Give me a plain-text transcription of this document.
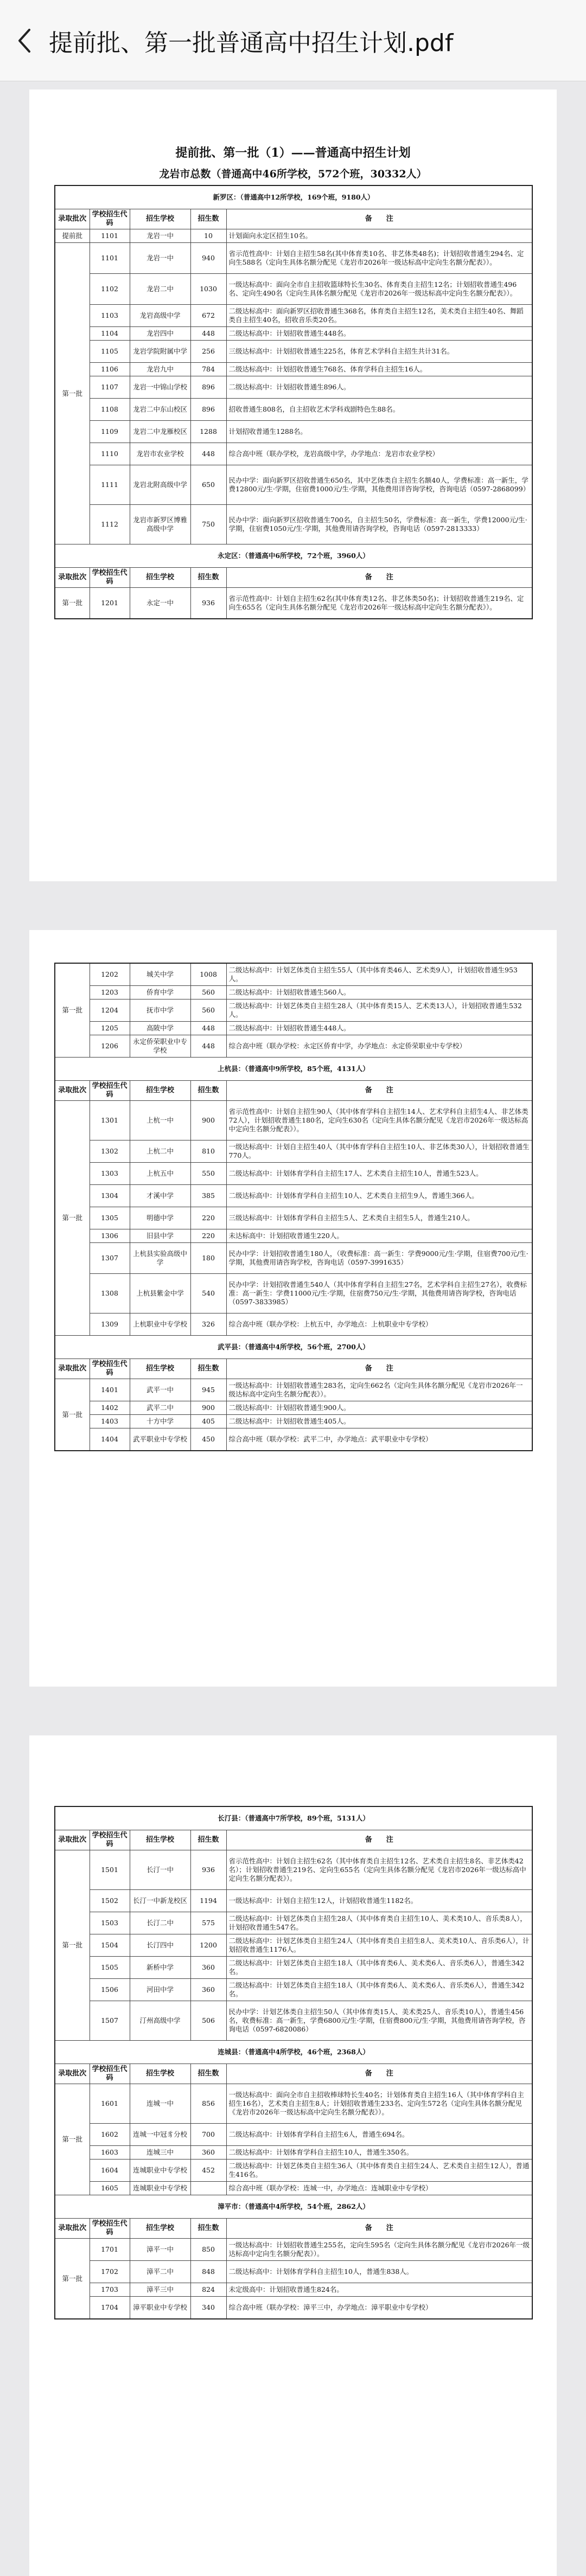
提前批、第一批普通高中招生计划.pdf
提前批、第一批（1）——普通高中招生计划
龙岩市总数（普通高中46所学校，572个班，30332人）
新罗区：（普通高中12所学校，169个班，9180人）				
录取批次	学校招生代码	招生学校	招生数	备　　注
提前批	1101	龙岩一中	10	计划面向永定区招生10名。
第一批	1101	龙岩一中	940	省示范性高中：计划自主招生58名(其中体育类10名、非艺体类48名)；计划招收普通生294名、定向生588名（定向生具体名额分配见《龙岩市2026年一级达标高中定向生名额分配表》）。
	1102	龙岩二中	1030	一级达标高中：面向全市自主招收篮球特长生30名、体育类自主招生12名；计划招收普通生496名、定向生490名（定向生具体名额分配见《龙岩市2026年一级达标高中定向生名额分配表》）。
	1103	龙岩高级中学	672	二级达标高中：面向新罗区招收普通生368名，体育类自主招生12名，美术类自主招生40名、舞蹈类自主招生40名，招收音乐类20名。
	1104	龙岩四中	448	二级达标高中：计划招收普通生448名。
	1105	龙岩学院附属中学	256	三级达标高中：计划招收普通生225名，体育艺术学科自主招生共计31名。
	1106	龙岩九中	784	二级达标高中：计划招收普通生768名、体育学科自主招生16人。
	1107	龙岩一中锦山学校	896	二级达标高中：计划招收普通生896人。
	1108	龙岩二中东山校区	896	招收普通生808名，自主招收艺术学科戏剧特色生88名。
	1109	龙岩二中龙雁校区	1288	计划招收普通生1288名。
	1110	龙岩市农业学校	448	综合高中班（联办学校，龙岩高级中学，办学地点：龙岩市农业学校）
	1111	龙岩北附高级中学	650	民办中学：面向新罗区招收普通生650名，其中艺体类自主招生名额40人，学费标准：高一新生，学费12800元/生·学期，住宿费1000元/生·学期，其他费用详咨询学校，咨询电话（0597-2868099）
	1112	龙岩市新罗区博雅高级中学	750	民办中学：面向新罗区招收普通生700名，自主招生50名，学费标准：高一新生，学费12000元/生·学期，住宿费1050元/生·学期，其他费用请咨询学校，咨询电话（0597-2813333）
永定区：（普通高中6所学校，72个班，3960人）				
录取批次	学校招生代码	招生学校	招生数	备　　注
第一批	1201	永定一中	936	省示范性高中：计划自主招生62名(其中体育类12名、非艺体类50名)；计划招收普通生219名、定向生655名（定向生具体名额分配见《龙岩市2026年一级达标高中定向生名额分配表》）。
第一批	1202	城关中学	1008	二级达标高中：计划艺体类自主招生55人（其中体育类46人、艺术类9人），计划招收普通生953人。
	1203	侨育中学	560	二级达标高中：计划招收普通生560人。
	1204	抚市中学	560	二级达标高中：计划艺体类自主招生28人（其中体育类15人、艺术类13人），计划招收普通生532人。
	1205	高陂中学	448	二级达标高中：计划招收普通生448人。
	1206	永定侨荣职业中专学校	448	综合高中班（联办学校：永定区侨育中学，办学地点：永定侨荣职业中专学校）
上杭县：（普通高中9所学校，85个班，4131人）				
录取批次	学校招生代码	招生学校	招生数	备　　注
第一批	1301	上杭一中	900	省示范性高中：计划自主招生90人（其中体育学科自主招生14人、艺术学科自主招生4人、非艺体类72人），计划招收普通生180名，定向生630名（定向生具体名额分配见《龙岩市2026年一级达标高中定向生名额分配表》）。
	1302	上杭二中	810	一级达标高中：计划自主招生40人（其中体育学科自主招生10人、非艺体类30人），计划招收普通生770人。
	1303	上杭五中	550	二级达标高中：计划体育学科自主招生17人、艺术类自主招生10人，普通生523人。
	1304	才溪中学	385	二级达标高中：计划体育学科自主招生10人、艺术类自主招生9人，普通生366人。
	1305	明德中学	220	三级达标高中：计划体育学科自主招生5人、艺术类自主招生5人，普通生210人。
	1306	旧县中学	220	未达标高中：计划招收普通生220人。
	1307	上杭县实验高级中学	180	民办中学：计划招收普通生180人，（收费标准：高一新生：学费9000元/生·学期，住宿费700元/生·学期，其他费用请咨询学校，咨询电话（0597-3991635）
	1308	上杭县紫金中学	540	民办中学：计划招收普通生540人（其中体育学科自主招生27名，艺术学科自主招生27名），收费标准：高一新生：学费11000元/生·学期，住宿费750元/生·学期，其他费用请咨询学校，咨询电话（0597-3833985）
	1309	上杭职业中专学校	326	综合高中班（联办学校：上杭五中，办学地点：上杭职业中专学校）
武平县：（普通高中4所学校，56个班，2700人）				
录取批次	学校招生代码	招生学校	招生数	备　　注
第一批	1401	武平一中	945	一级达标高中：计划招收普通生283名，定向生662名（定向生具体名额分配见《龙岩市2026年一级达标高中定向生名额分配表》）。
	1402	武平二中	900	二级达标高中：计划招收普通生900人。
	1403	十方中学	405	二级达标高中：计划招收普通生405人。
	1404	武平职业中专学校	450	综合高中班（联办学校：武平二中，办学地点：武平职业中专学校）
长汀县：（普通高中7所学校，89个班，5131人）				
录取批次	学校招生代码	招生学校	招生数	备　　注
第一批	1501	长汀一中	936	省示范性高中：计划自主招生62名（其中体育类自主招生12名、艺术类自主招生8名、非艺体类42名）；计划招收普通生219名、定向生655名（定向生具体名额分配见《龙岩市2026年一级达标高中定向生名额分配表》）。
	1502	长汀一中新龙校区	1194	一级达标高中：计划自主招生12人，计划招收普通生1182名。
	1503	长汀二中	575	二级达标高中：计划艺体类自主招生28人（其中体育类自主招生10人、美术类10人、音乐类8人），计划招收普通生547名。
	1504	长汀四中	1200	二级达标高中：计划艺体类自主招生24人（其中体育类自主招生8人、美术类10人、音乐类6人），计划招收普通生1176人。
	1505	新桥中学	360	二级达标高中：计划艺体类自主招生18人（其中体育类6人、美术类6人、音乐类6人），普通生342名。
	1506	河田中学	360	二级达标高中：计划艺体类自主招生18人（其中体育类6人、美术类6人、音乐类6人），普通生342名。
	1507	汀州高级中学	506	民办中学：计划艺体类自主招生50人（其中体育类15人、美术类25人、音乐类10人），普通生456名，收费标准：高一新生，学费6800元/生·学期，住宿费800元/生·学期，其他费用请咨询学校，咨询电话（0597-6820086）
连城县：（普通高中4所学校，46个班，2368人）				
录取批次	学校招生代码	招生学校	招生数	备　　注
第一批	1601	连城一中	856	一级达标高中：面向全市自主招收棒球特长生40名；计划体育类自主招生16人（其中体育学科自主招生16名），艺术类自主招生8人；计划招收普通生233名、定向生572名（定向生具体名额分配见《龙岩市2026年一级达标高中定向生名额分配表》）。
	1602	连城一中冠豸分校	700	二级达标高中：计划体育学科自主招生6人，普通生694名。
	1603	连城三中	360	二级达标高中：计划体育学科自主招生10人，普通生350名。
	1604	连城职业中专学校	452	二级达标高中：计划艺体类自主招生36人（其中体育类自主招生24人、艺术类自主招生12人），普通生416名。
	1605	连城职业中专学校		综合高中班（联办学校：连城一中，办学地点：连城职业中专学校）
漳平市：（普通高中4所学校，54个班，2862人）				
录取批次	学校招生代码	招生学校	招生数	备　　注
第一批	1701	漳平一中	850	一级达标高中：计划招收普通生255名，定向生595名（定向生具体名额分配见《龙岩市2026年一级达标高中定向生名额分配表》）。
	1702	漳平二中	848	二级达标高中：计划体育学科自主招生10人，普通生838人。
	1703	漳平三中	824	未定级高中：计划招收普通生824名。
	1704	漳平职业中专学校	340	综合高中班（联办学校：漳平三中，办学地点：漳平职业中专学校）
